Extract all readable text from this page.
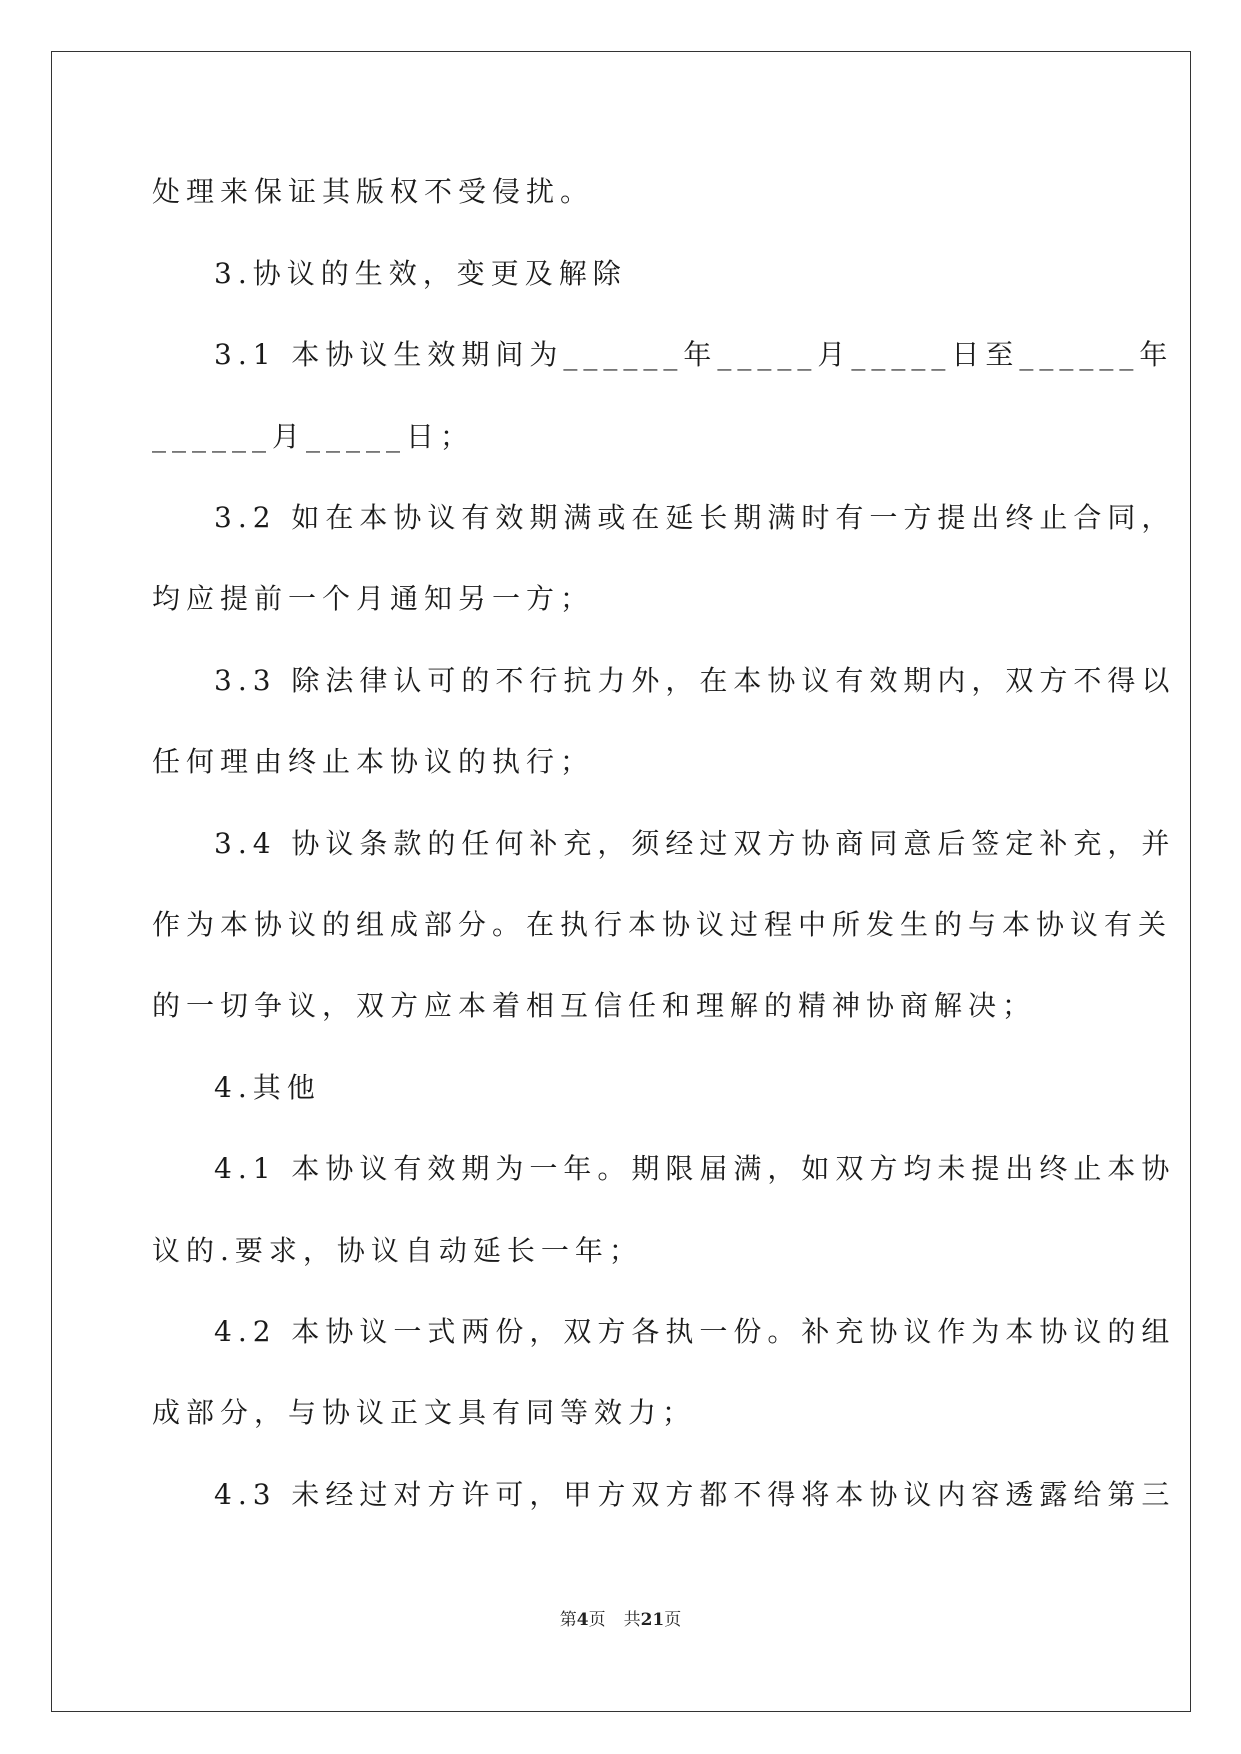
处理来保证其版权不受侵扰。
3.协议的生效，变更及解除
3.1 本协议生效期间为______年_____月_____日至______年
______月_____日；
3.2 如在本协议有效期满或在延长期满时有一方提出终止合同，
均应提前一个月通知另一方；
3.3 除法律认可的不行抗力外，在本协议有效期内，双方不得以
任何理由终止本协议的执行；
3.4 协议条款的任何补充，须经过双方协商同意后签定补充，并
作为本协议的组成部分。在执行本协议过程中所发生的与本协议有关
的一切争议，双方应本着相互信任和理解的精神协商解决；
4.其他
4.1 本协议有效期为一年。期限届满，如双方均未提出终止本协
议的.要求，协议自动延长一年；
4.2 本协议一式两份，双方各执一份。补充协议作为本协议的组
成部分，与协议正文具有同等效力；
4.3 未经过对方许可，甲方双方都不得将本协议内容透露给第三
第4页 共21页
